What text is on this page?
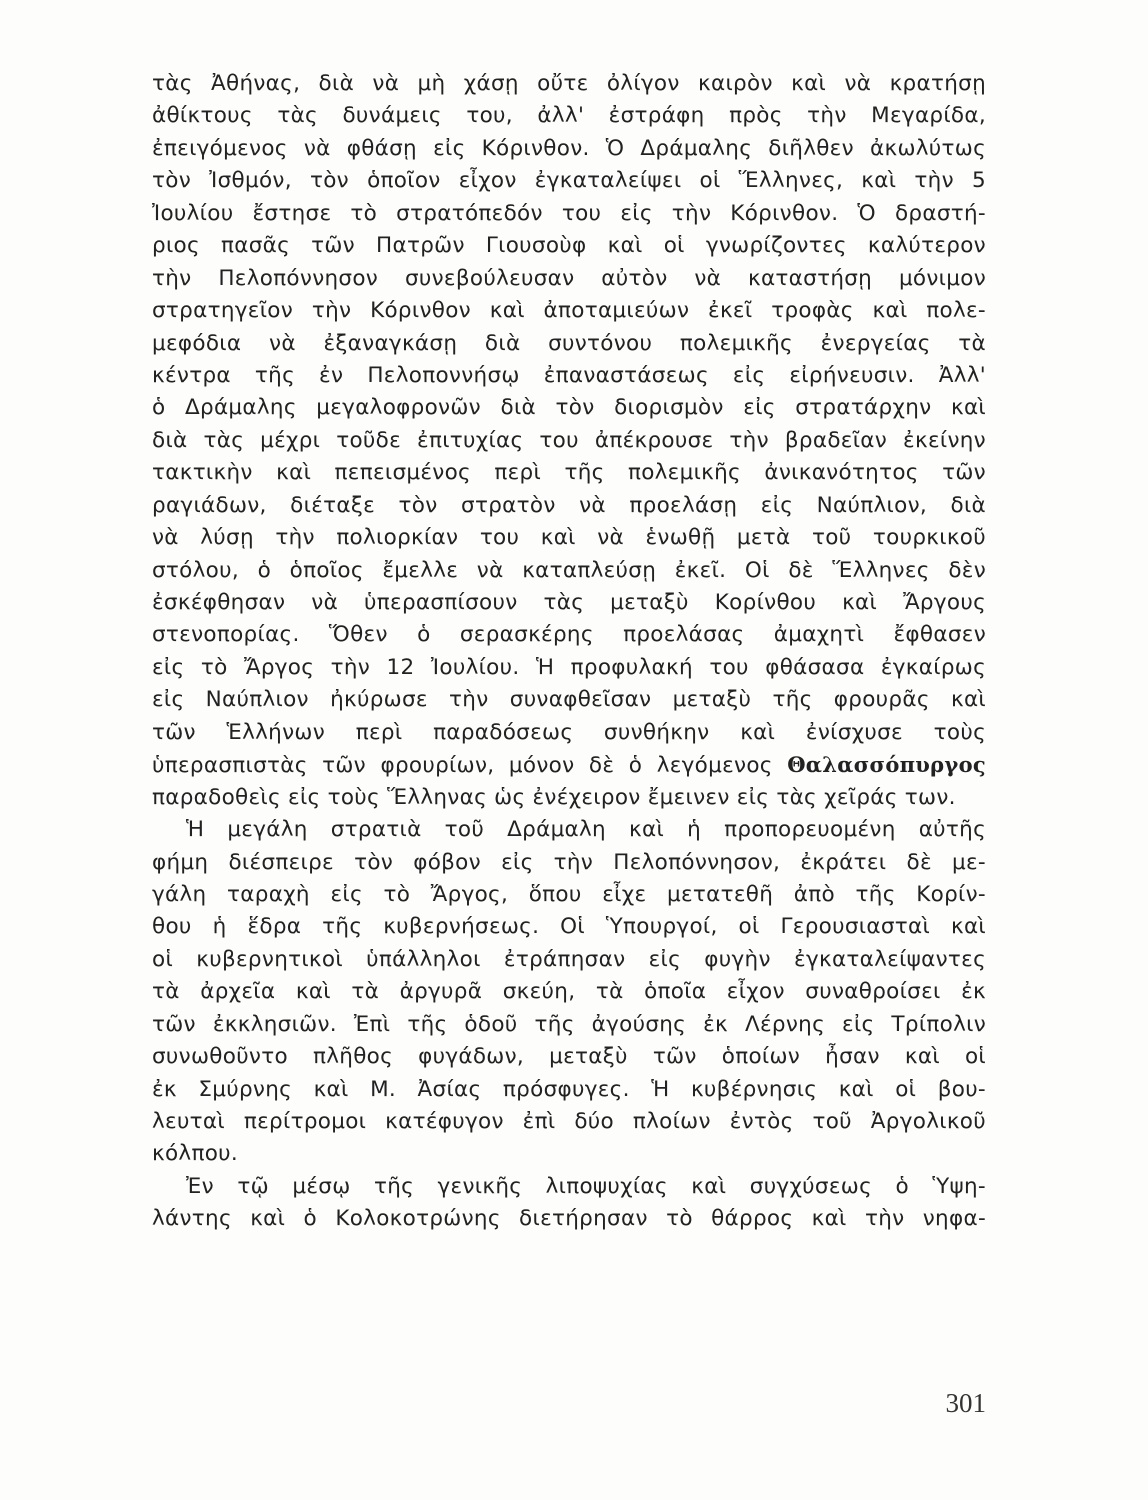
τὰς Ἀθήνας, διὰ νὰ μὴ χάσῃ οὔτε ὀλίγον καιρὸν καὶ νὰ κρατήσῃ
ἀθίκτους τὰς δυνάμεις του, ἀλλ' ἐστράφη πρὸς τὴν Μεγαρίδα,
ἐπειγόμενος νὰ φθάσῃ εἰς Κόρινθον. Ὁ Δράμαλης διῆλθεν ἀκωλύτως
τὸν Ἰσθμόν, τὸν ὁποῖον εἶχον ἐγκαταλείψει οἱ Ἕλληνες, καὶ τὴν 5
Ἰουλίου ἔστησε τὸ στρατόπεδόν του εἰς τὴν Κόρινθον. Ὁ δραστή-
ριος πασᾶς τῶν Πατρῶν Γιουσοὺφ καὶ οἱ γνωρίζοντες καλύτερον
τὴν Πελοπόννησον συνεβούλευσαν αὐτὸν νὰ καταστήσῃ μόνιμον
στρατηγεῖον τὴν Κόρινθον καὶ ἀποταμιεύων ἐκεῖ τροφὰς καὶ πολε-
μεφόδια νὰ ἐξαναγκάσῃ διὰ συντόνου πολεμικῆς ἐνεργείας τὰ
κέντρα τῆς ἐν Πελοποννήσῳ ἐπαναστάσεως εἰς εἰρήνευσιν. Ἀλλ'
ὁ Δράμαλης μεγαλοφρονῶν διὰ τὸν διορισμὸν εἰς στρατάρχην καὶ
διὰ τὰς μέχρι τοῦδε ἐπιτυχίας του ἀπέκρουσε τὴν βραδεῖαν ἐκείνην
τακτικὴν καὶ πεπεισμένος περὶ τῆς πολεμικῆς ἀνικανότητος τῶν
ραγιάδων, διέταξε τὸν στρατὸν νὰ προελάσῃ εἰς Ναύπλιον, διὰ
νὰ λύσῃ τὴν πολιορκίαν του καὶ νὰ ἑνωθῇ μετὰ τοῦ τουρκικοῦ
στόλου, ὁ ὁποῖος ἔμελλε νὰ καταπλεύσῃ ἐκεῖ. Οἱ δὲ Ἕλληνες δὲν
ἐσκέφθησαν νὰ ὑπερασπίσουν τὰς μεταξὺ Κορίνθου καὶ Ἄργους
στενοπορίας. Ὅθεν ὁ σερασκέρης προελάσας ἀμαχητὶ ἔφθασεν
εἰς τὸ Ἄργος τὴν 12 Ἰουλίου. Ἡ προφυλακή του φθάσασα ἐγκαίρως
εἰς Ναύπλιον ἠκύρωσε τὴν συναφθεῖσαν μεταξὺ τῆς φρουρᾶς καὶ
τῶν Ἑλλήνων περὶ παραδόσεως συνθήκην καὶ ἐνίσχυσε τοὺς
ὑπερασπιστὰς τῶν φρουρίων, μόνον δὲ ὁ λεγόμενος Θαλασσόπυργος
παραδοθεὶς εἰς τοὺς Ἕλληνας ὡς ἐνέχειρον ἔμεινεν εἰς τὰς χεῖράς των.
Ἡ μεγάλη στρατιὰ τοῦ Δράμαλη καὶ ἡ προπορευομένη αὐτῆς
φήμη διέσπειρε τὸν φόβον εἰς τὴν Πελοπόννησον, ἐκράτει δὲ με-
γάλη ταραχὴ εἰς τὸ Ἄργος, ὅπου εἶχε μετατεθῆ ἀπὸ τῆς Κορίν-
θου ἡ ἕδρα τῆς κυβερνήσεως. Οἱ Ὑπουργοί, οἱ Γερουσιασταὶ καὶ
οἱ κυβερνητικοὶ ὑπάλληλοι ἐτράπησαν εἰς φυγὴν ἐγκαταλείψαντες
τὰ ἀρχεῖα καὶ τὰ ἀργυρᾶ σκεύη, τὰ ὁποῖα εἶχον συναθροίσει ἐκ
τῶν ἐκκλησιῶν. Ἐπὶ τῆς ὁδοῦ τῆς ἀγούσης ἐκ Λέρνης εἰς Τρίπολιν
συνωθοῦντο πλῆθος φυγάδων, μεταξὺ τῶν ὁποίων ἦσαν καὶ οἱ
ἐκ Σμύρνης καὶ Μ. Ἀσίας πρόσφυγες. Ἡ κυβέρνησις καὶ οἱ βου-
λευταὶ περίτρομοι κατέφυγον ἐπὶ δύο πλοίων ἐντὸς τοῦ Ἀργολικοῦ
κόλπου.
Ἐν τῷ μέσῳ τῆς γενικῆς λιποψυχίας καὶ συγχύσεως ὁ Ὑψη-
λάντης καὶ ὁ Κολοκοτρώνης διετήρησαν τὸ θάρρος καὶ τὴν νηφα-
301
